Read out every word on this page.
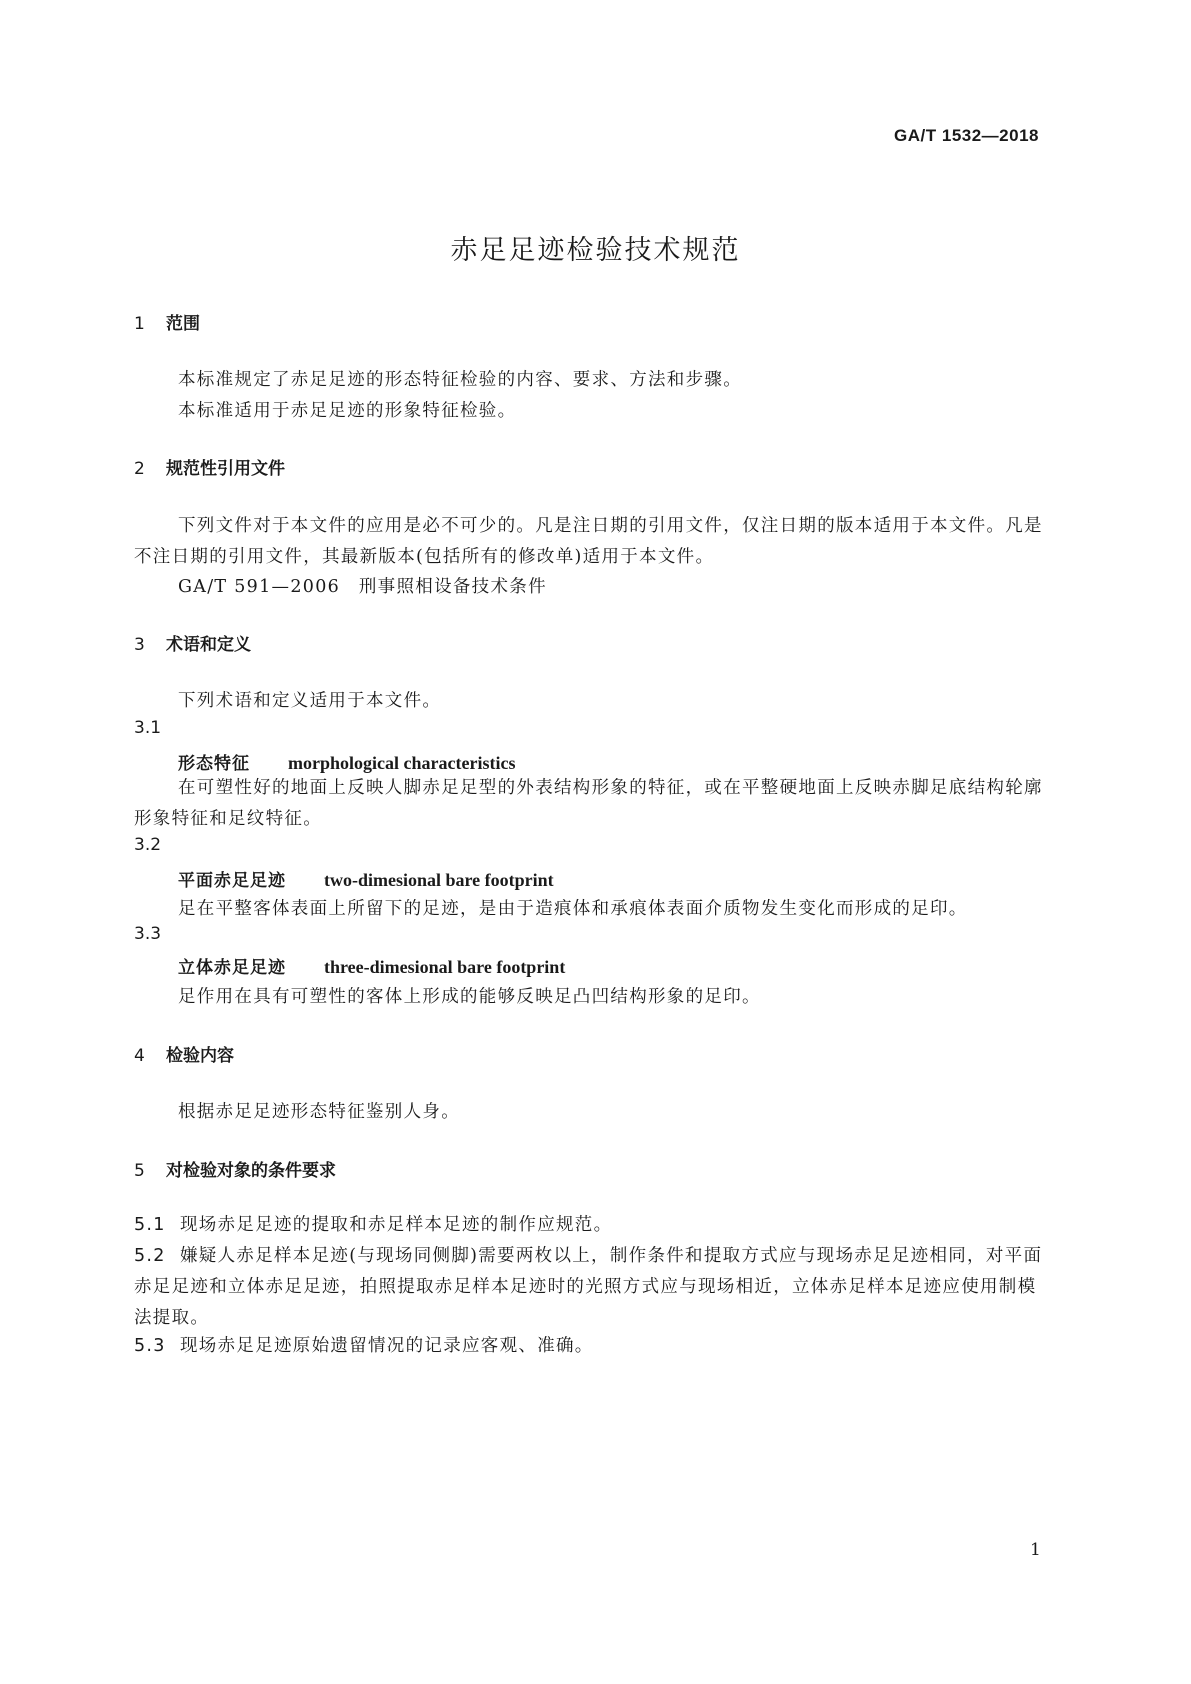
GA/T 1532—2018
赤足足迹检验技术规范
1 范围
本标准规定了赤足足迹的形态特征检验的内容、要求、方法和步骤。
本标准适用于赤足足迹的形象特征检验。
2 规范性引用文件
下列文件对于本文件的应用是必不可少的。凡是注日期的引用文件，仅注日期的版本适用于本文件。凡是不注日期的引用文件，其最新版本(包括所有的修改单)适用于本文件。
GA/T 591—2006　刑事照相设备技术条件
3 术语和定义
下列术语和定义适用于本文件。
3.1
形态特征 morphological characteristics
在可塑性好的地面上反映人脚赤足足型的外表结构形象的特征，或在平整硬地面上反映赤脚足底结构轮廓形象特征和足纹特征。
3.2
平面赤足足迹 two-dimesional bare footprint
足在平整客体表面上所留下的足迹，是由于造痕体和承痕体表面介质物发生变化而形成的足印。
3.3
立体赤足足迹 three-dimesional bare footprint
足作用在具有可塑性的客体上形成的能够反映足凸凹结构形象的足印。
4 检验内容
根据赤足足迹形态特征鉴别人身。
5 对检验对象的条件要求
5.1 现场赤足足迹的提取和赤足样本足迹的制作应规范。
5.2 嫌疑人赤足样本足迹(与现场同侧脚)需要两枚以上，制作条件和提取方式应与现场赤足足迹相同，对平面赤足足迹和立体赤足足迹，拍照提取赤足样本足迹时的光照方式应与现场相近，立体赤足样本足迹应使用制模法提取。
5.3 现场赤足足迹原始遗留情况的记录应客观、准确。
1
